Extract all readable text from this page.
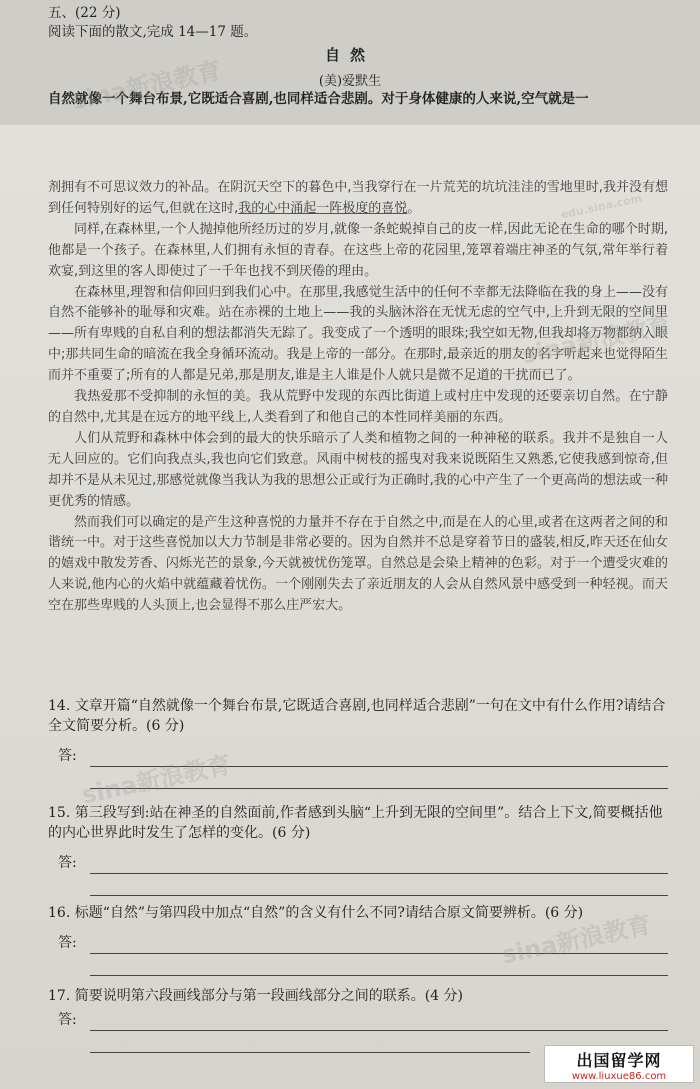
五、(22 分)
阅读下面的散文,完成 14—17 题。
自然
(美)爱默生
自然就像一个舞台布景,它既适合喜剧,也同样适合悲剧。对于身体健康的人来说,空气就是一

剂拥有不可思议效力的补品。在阴沉天空下的暮色中,当我穿行在一片荒芜的坑坑洼洼的雪地里时,我并没有想到任何特别好的运气,但就在这时,我的心中涌起一阵极度的喜悦。

同样,在森林里,一个人抛掉他所经历过的岁月,就像一条蛇蜕掉自己的皮一样,因此无论在生命的哪个时期,他都是一个孩子。在森林里,人们拥有永恒的青春。在这些上帝的花园里,笼罩着端庄神圣的气氛,常年举行着欢宴,到这里的客人即使过了一千年也找不到厌倦的理由。

在森林里,理智和信仰回归到我们心中。在那里,我感觉生活中的任何不幸都无法降临在我的身上——没有自然不能够补的耻辱和灾难。站在赤裸的土地上——我的头脑沐浴在无忧无虑的空气中,上升到无限的空间里——所有卑贱的自私自利的想法都消失无踪了。我变成了一个透明的眼珠;我空如无物,但我却将万物都纳入眼中;那共同生命的暗流在我全身循环流动。我是上帝的一部分。在那时,最亲近的朋友的名字听起来也觉得陌生而并不重要了;所有的人都是兄弟,那是朋友,谁是主人谁是仆人就只是微不足道的干扰而已了。

我热爱那不受抑制的永恒的美。我从荒野中发现的东西比街道上或村庄中发现的还要亲切自然。在宁静的自然中,尤其是在远方的地平线上,人类看到了和他自己的本性同样美丽的东西。

人们从荒野和森林中体会到的最大的快乐暗示了人类和植物之间的一种神秘的联系。我并不是独自一人无人回应的。它们向我点头,我也向它们致意。风雨中树枝的摇曳对我来说既陌生又熟悉,它使我感到惊奇,但却并不是从未见过,那感觉就像当我认为我的思想公正或行为正确时,我的心中产生了一个更高尚的想法或一种更优秀的情感。

然而我们可以确定的是产生这种喜悦的力量并不存在于自然之中,而是在人的心里,或者在这两者之间的和谐统一中。对于这些喜悦加以大力节制是非常必要的。因为自然并不总是穿着节日的盛装,相反,昨天还在仙女的嬉戏中散发芳香、闪烁光芒的景象,今天就被忧伤笼罩。自然总是会染上精神的色彩。对于一个遭受灾难的人来说,他内心的火焰中就蕴藏着忧伤。一个刚刚失去了亲近朋友的人会从自然风景中感受到一种轻视。而天空在那些卑贱的人头顶上,也会显得不那么庄严宏大。

14. 文章开篇“自然就像一个舞台布景,它既适合喜剧,也同样适合悲剧”一句在文中有什么作用?请结合全文简要分析。(6 分)
答:
15. 第三段写到:站在神圣的自然面前,作者感到头脑“上升到无限的空间里”。结合上下文,简要概括他的内心世界此时发生了怎样的变化。(6 分)
答:
16. 标题“自然”与第四段中加点“自然”的含义有什么不同?请结合原文简要辨析。(6 分)
答:
17. 简要说明第六段画线部分与第一段画线部分之间的联系。(4 分)
答:
sina新浪教育
sina新浪教育
sina新浪教育
sina新浪教育
edu.sina.com
出国留学网
www.liuxue86.com
